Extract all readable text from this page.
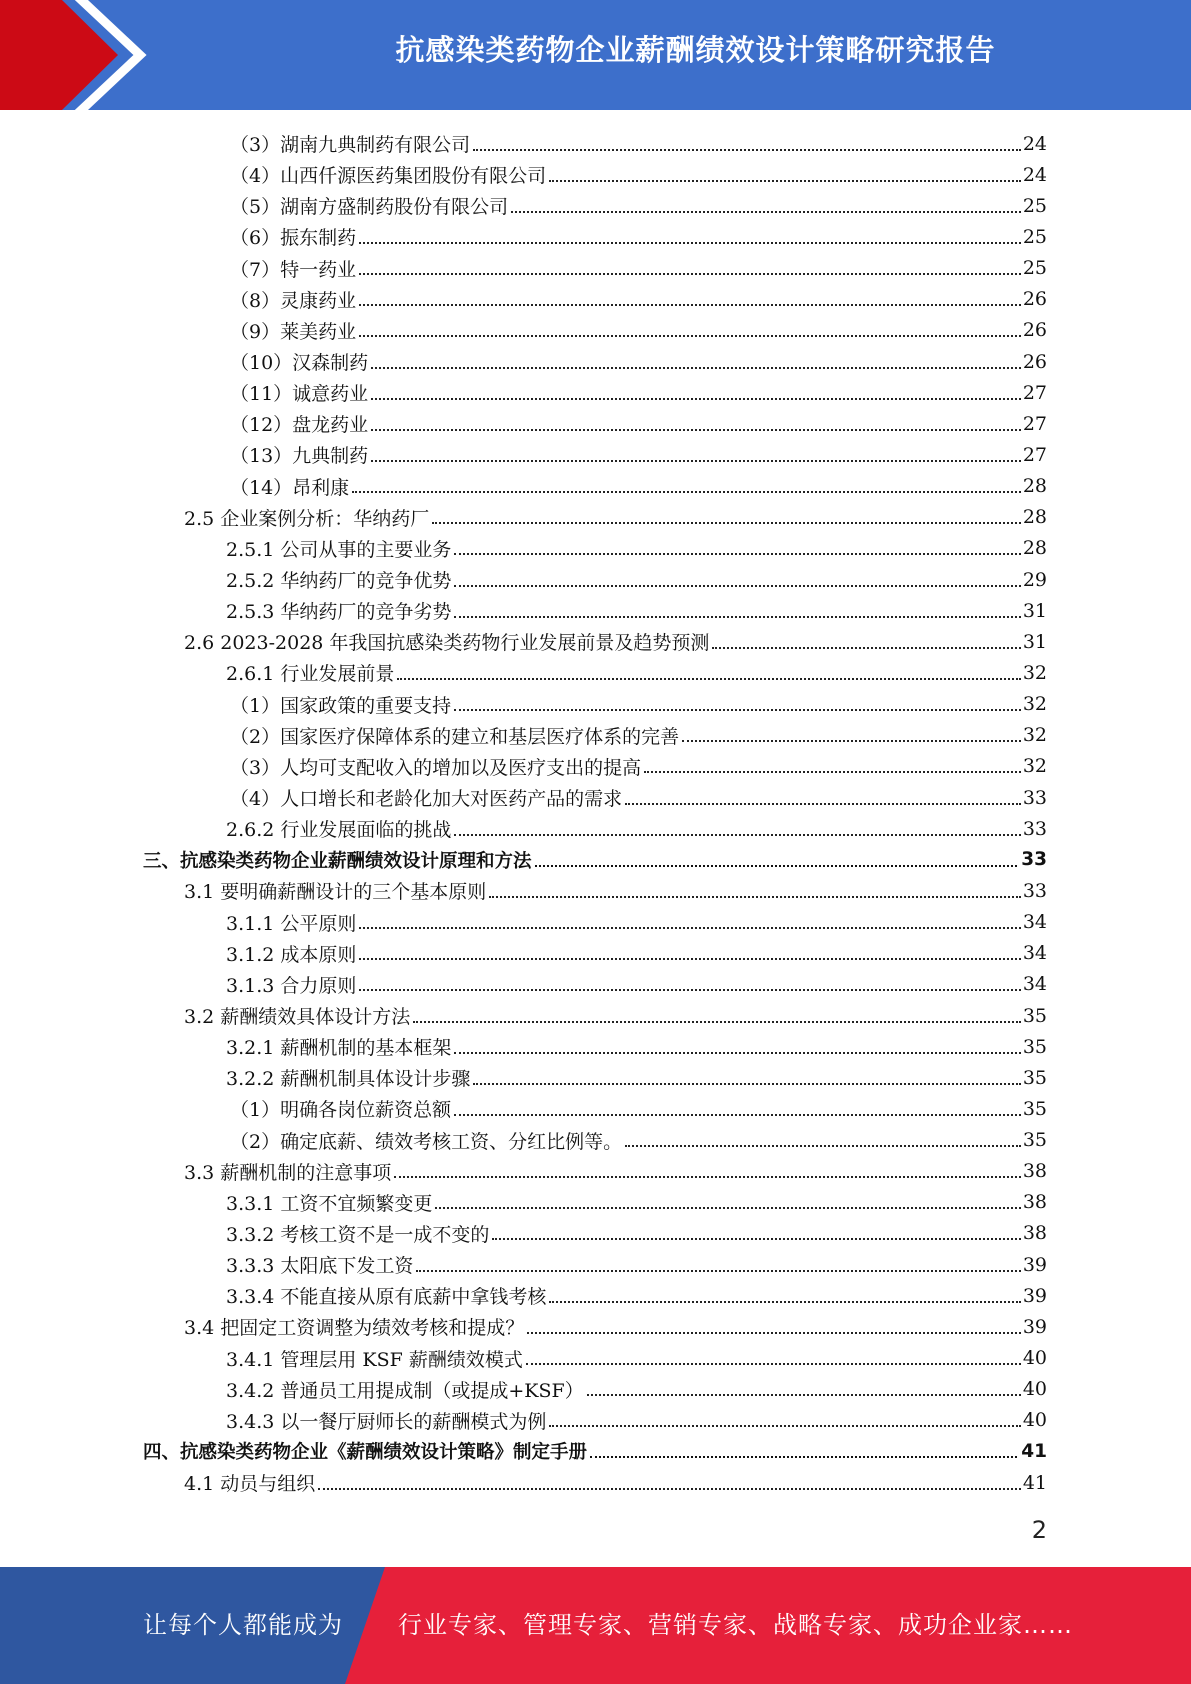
抗感染类药物企业薪酬绩效设计策略研究报告
（3）湖南九典制药有限公司	24
（4）山西仟源医药集团股份有限公司	24
（5）湖南方盛制药股份有限公司	25
（6）振东制药	25
（7）特一药业	25
（8）灵康药业	26
（9）莱美药业	26
（10）汉森制药	26
（11）诚意药业	27
（12）盘龙药业	27
（13）九典制药	27
（14）昂利康	28
2.5 企业案例分析：华纳药厂	28
2.5.1 公司从事的主要业务	28
2.5.2 华纳药厂的竞争优势	29
2.5.3 华纳药厂的竞争劣势	31
2.6 2023-2028 年我国抗感染类药物行业发展前景及趋势预测	31
2.6.1 行业发展前景	32
（1）国家政策的重要支持	32
（2）国家医疗保障体系的建立和基层医疗体系的完善	32
（3）人均可支配收入的增加以及医疗支出的提高	32
（4）人口增长和老龄化加大对医药产品的需求	33
2.6.2 行业发展面临的挑战	33
三、抗感染类药物企业薪酬绩效设计原理和方法	33
3.1 要明确薪酬设计的三个基本原则	33
3.1.1 公平原则	34
3.1.2 成本原则	34
3.1.3 合力原则	34
3.2 薪酬绩效具体设计方法	35
3.2.1 薪酬机制的基本框架	35
3.2.2 薪酬机制具体设计步骤	35
（1）明确各岗位薪资总额	35
（2）确定底薪、绩效考核工资、分红比例等。	35
3.3 薪酬机制的注意事项	38
3.3.1 工资不宜频繁变更	38
3.3.2 考核工资不是一成不变的	38
3.3.3 太阳底下发工资	39
3.3.4 不能直接从原有底薪中拿钱考核	39
3.4 把固定工资调整为绩效考核和提成？	39
3.4.1 管理层用 KSF 薪酬绩效模式	40
3.4.2 普通员工用提成制（或提成+KSF）	40
3.4.3 以一餐厅厨师长的薪酬模式为例	40
四、抗感染类药物企业《薪酬绩效设计策略》制定手册	41
4.1 动员与组织	41
2
让每个人都能成为 行业专家、管理专家、营销专家、战略专家、成功企业家……
